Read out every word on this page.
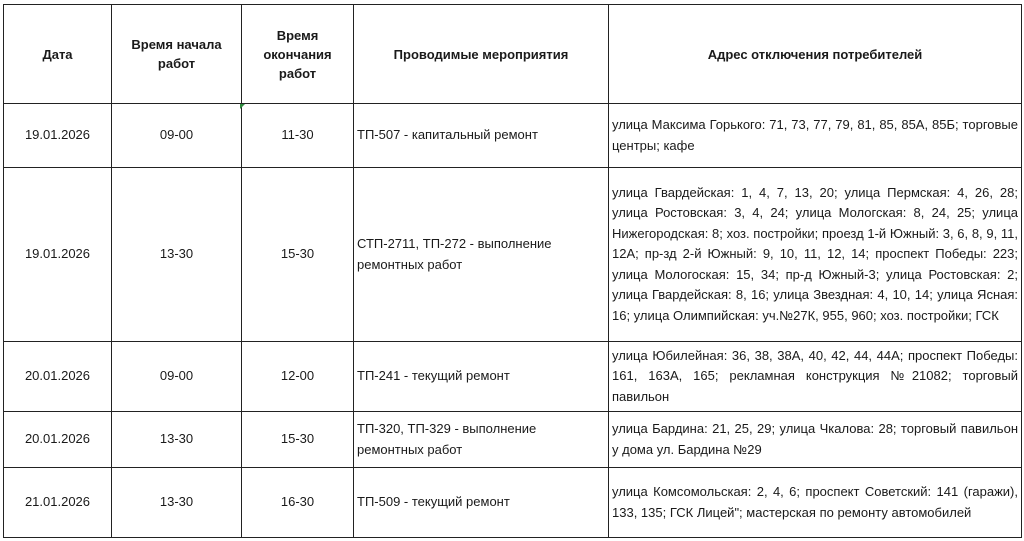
Дата	Время начала работ	Время окончания работ	Проводимые мероприятия	Адрес отключения потребителей
19.01.2026	09-00	11-30	ТП-507 - капитальный ремонт	улица Максима Горького: 71, 73, 77, 79, 81, 85, 85А, 85Б; торговые центры; кафе
19.01.2026	13-30	15-30	СТП-2711, ТП-272 - выполнение ремонтных работ	улица Гвардейская: 1, 4, 7, 13, 20; улица Пермская: 4, 26, 28; улица Ростовская: 3, 4, 24; улица Мологская: 8, 24, 25; улица Нижегородская: 8; хоз. постройки; проезд 1-й Южный: 3, 6, 8, 9, 11, 12А; пр-зд 2-й Южный: 9, 10, 11, 12, 14; проспект Победы: 223; улица Мологоская: 15, 34; пр-д Южный-3; улица Ростовская: 2; улица Гвардейская: 8, 16; улица Звездная: 4, 10, 14; улица Ясная: 16; улица Олимпийская: уч.№27К, 955, 960; хоз. постройки; ГСК
20.01.2026	09-00	12-00	ТП-241 - текущий ремонт	улица Юбилейная: 36, 38, 38А, 40, 42, 44, 44А; проспект Победы: 161, 163А, 165; рекламная конструкция №21082; торговый павильон
20.01.2026	13-30	15-30	ТП-320, ТП-329 - выполнение ремонтных работ	улица Бардина: 21, 25, 29; улица Чкалова: 28; торговый павильон у дома ул. Бардина №29
21.01.2026	13-30	16-30	ТП-509 - текущий ремонт	улица Комсомольская: 2, 4, 6; проспект Советский: 141 (гаражи), 133, 135; ГСК Лицей"; мастерская по ремонту автомобилей
